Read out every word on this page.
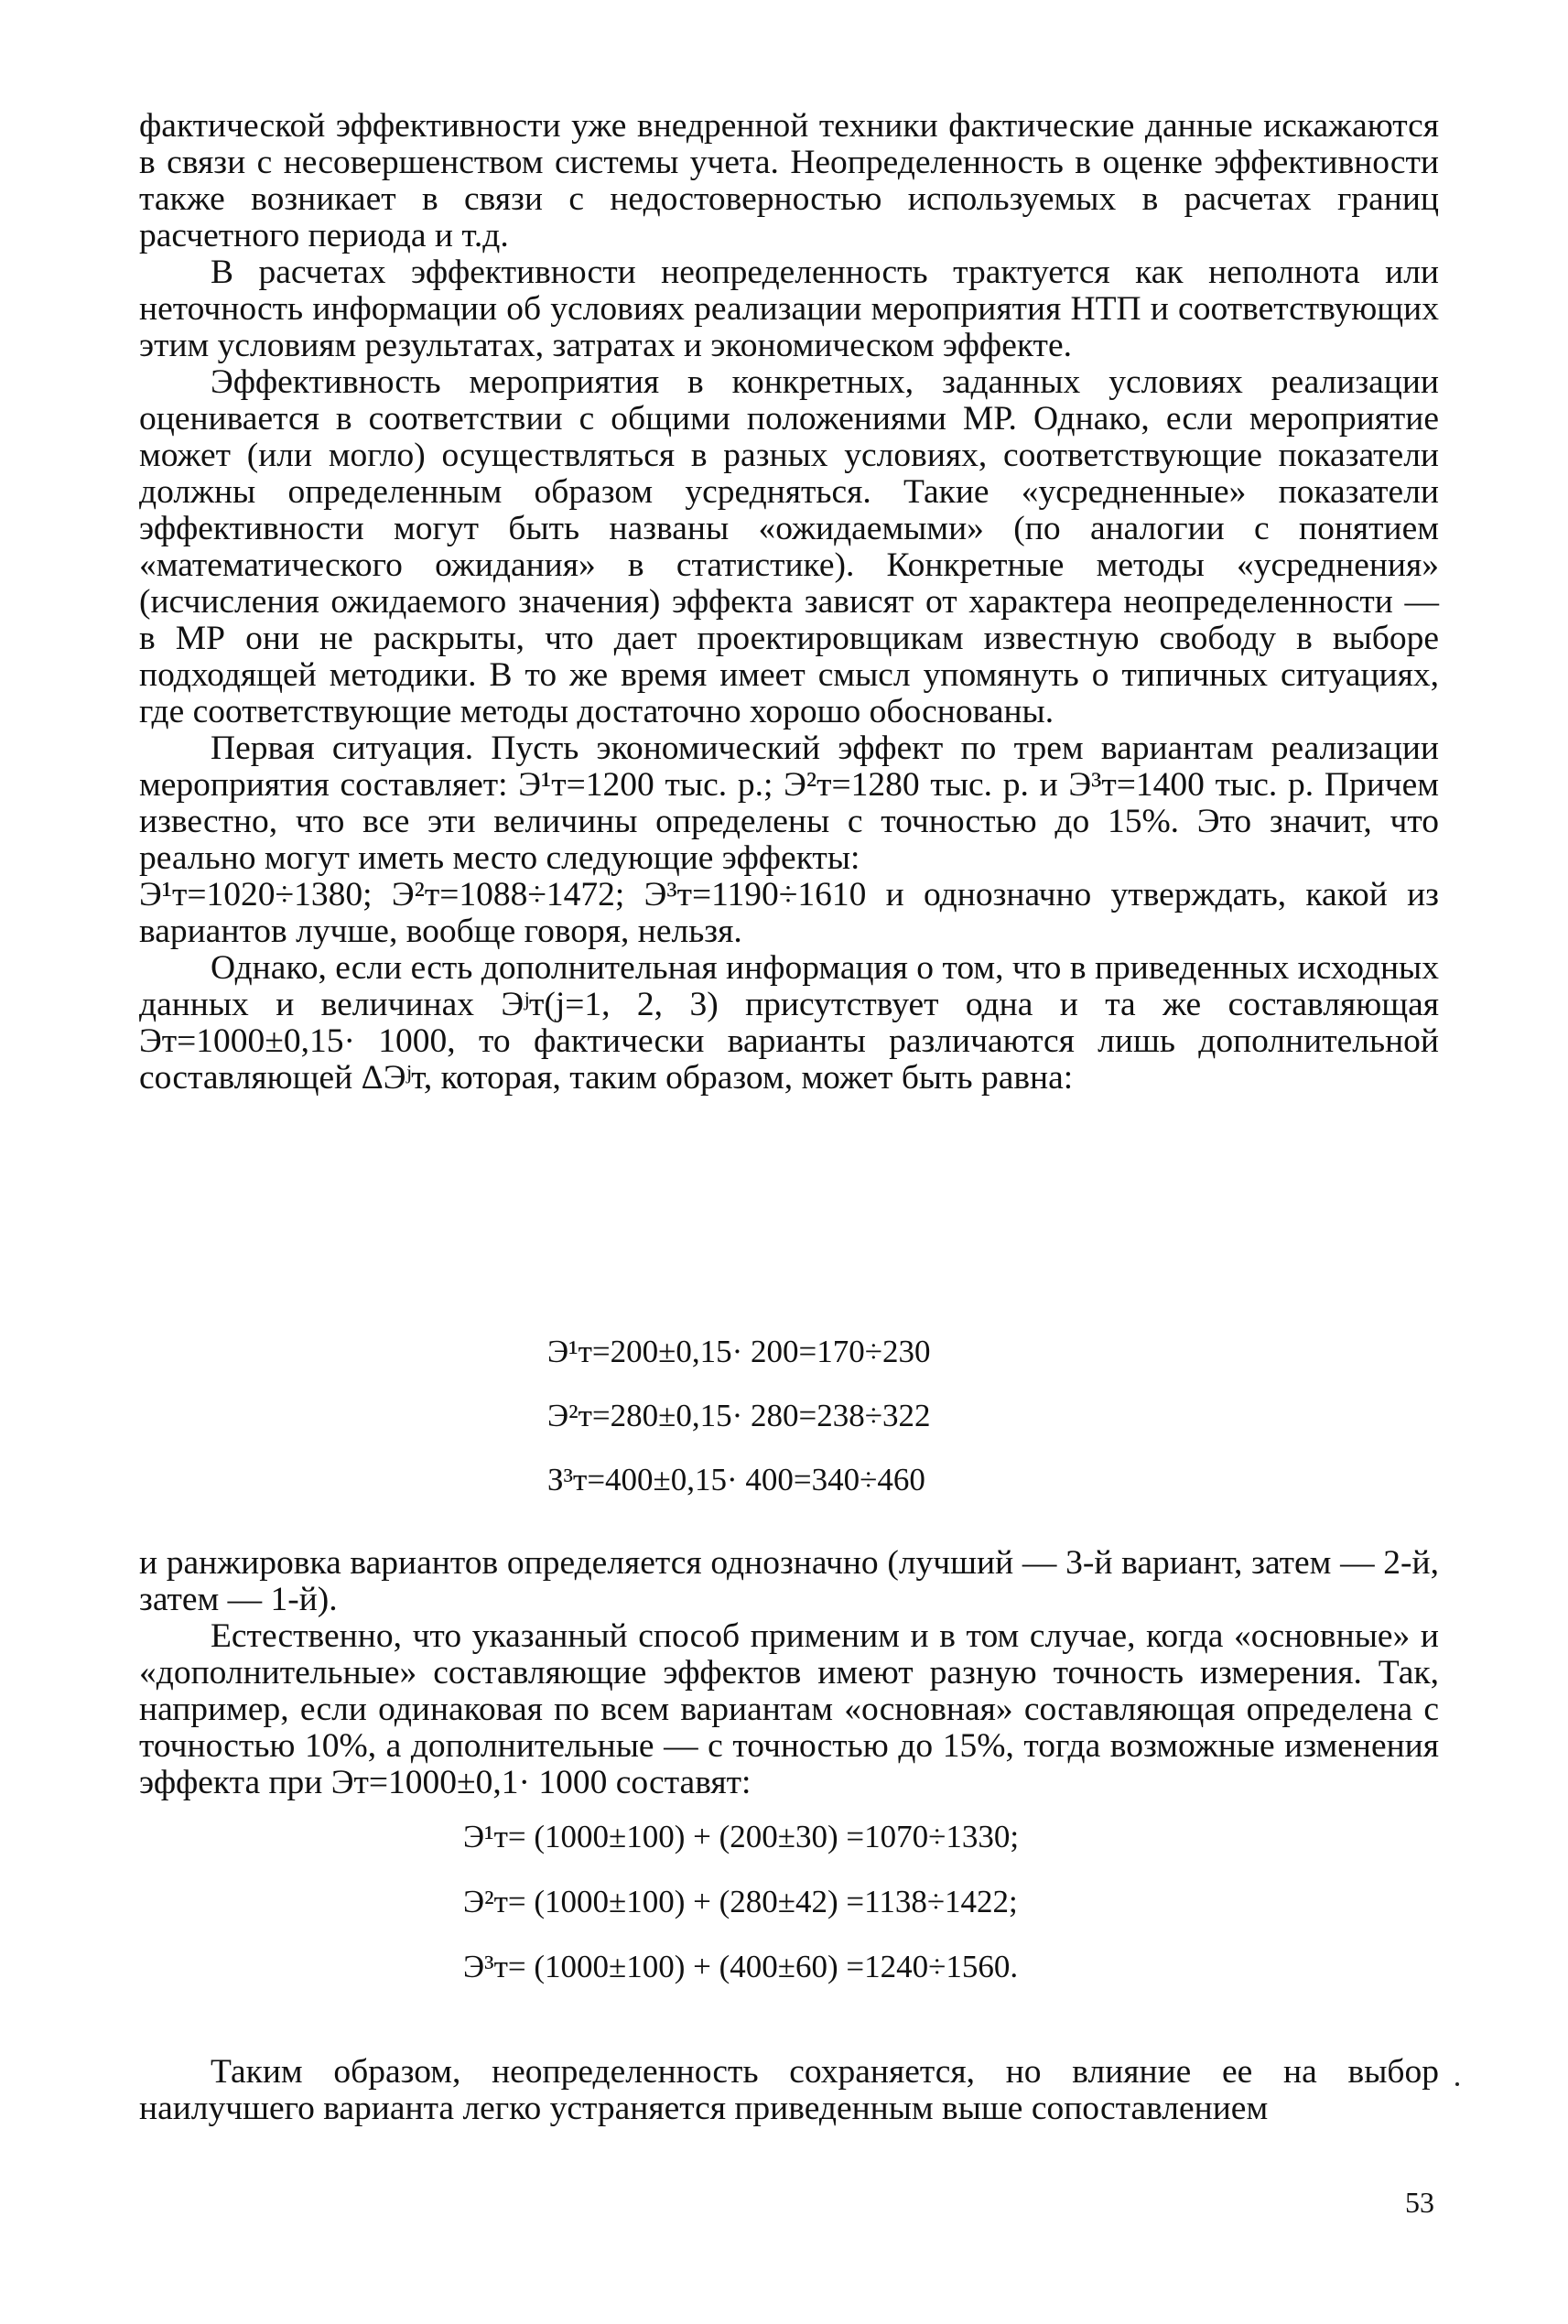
фактической эффективности уже внедренной техники фактические данные искажаются в связи с несовершенством системы учета. Неопределенность в оценке эффективности также возникает в связи с недостоверностью используемых в расчетах границ расчетного периода и т.д.

В расчетах эффективности неопределенность трактуется как неполнота или неточность информации об условиях реализации мероприятия НТП и соответствующих этим условиям результатах, затратах и экономическом эффекте.

Эффективность мероприятия в конкретных, заданных условиях реализации оценивается в соответствии с общими положениями МР. Однако, если мероприятие может (или могло) осуществляться в разных условиях, соответствующие показатели должны определенным образом усредняться. Такие «усредненные» показатели эффективности могут быть названы «ожидаемыми» (по аналогии с понятием «математического ожидания» в статистике). Конкретные методы «усреднения» (исчисления ожидаемого значения) эффекта зависят от характера неопределенности — в МР они не раскрыты, что дает проектировщикам известную свободу в выборе подходящей методики. В то же время имеет смысл упомянуть о типичных ситуациях, где соответствующие методы достаточно хорошо обоснованы.

Первая ситуация. Пусть экономический эффект по трем вариантам реализации мероприятия составляет: Э¹т=1200 тыс. р.; Э²т=1280 тыс. р. и Э³т=1400 тыс. р. Причем известно, что все эти величины определены с точностью до 15%. Это значит, что реально могут иметь место следующие эффекты:

Э¹т=1020÷1380; Э²т=1088÷1472; Э³т=1190÷1610 и однозначно утверждать, какой из вариантов лучше, вообще говоря, нельзя.

Однако, если есть дополнительная информация о том, что в приведенных исходных данных и величинах Эʲт(j=1, 2, 3) присутствует одна и та же составляющая Эт=1000±0,15· 1000, то фактически варианты различаются лишь дополнительной составляющей ΔЭʲт, которая, таким образом, может быть равна:

Э¹т=200±0,15· 200=170÷230
Э²т=280±0,15· 280=238÷322
З³т=400±0,15· 400=340÷460

и ранжировка вариантов определяется однозначно (лучший — 3-й вариант, затем — 2-й, затем — 1-й).

Естественно, что указанный способ применим и в том случае, когда «основные» и «дополнительные» составляющие эффектов имеют разную точность измерения. Так, например, если одинаковая по всем вариантам «основная» составляющая определена с точностью 10%, а дополнительные — с точностью до 15%, тогда возможные изменения эффекта при Эт=1000±0,1· 1000 составят:

Э¹т= (1000±100) + (200±30) =1070÷1330;
Э²т= (1000±100) + (280±42) =1138÷1422;
Э³т= (1000±100) + (400±60) =1240÷1560.

Таким образом, неопределенность сохраняется, но влияние ее на выбор наилучшего варианта легко устраняется приведенным выше сопоставлением

53
